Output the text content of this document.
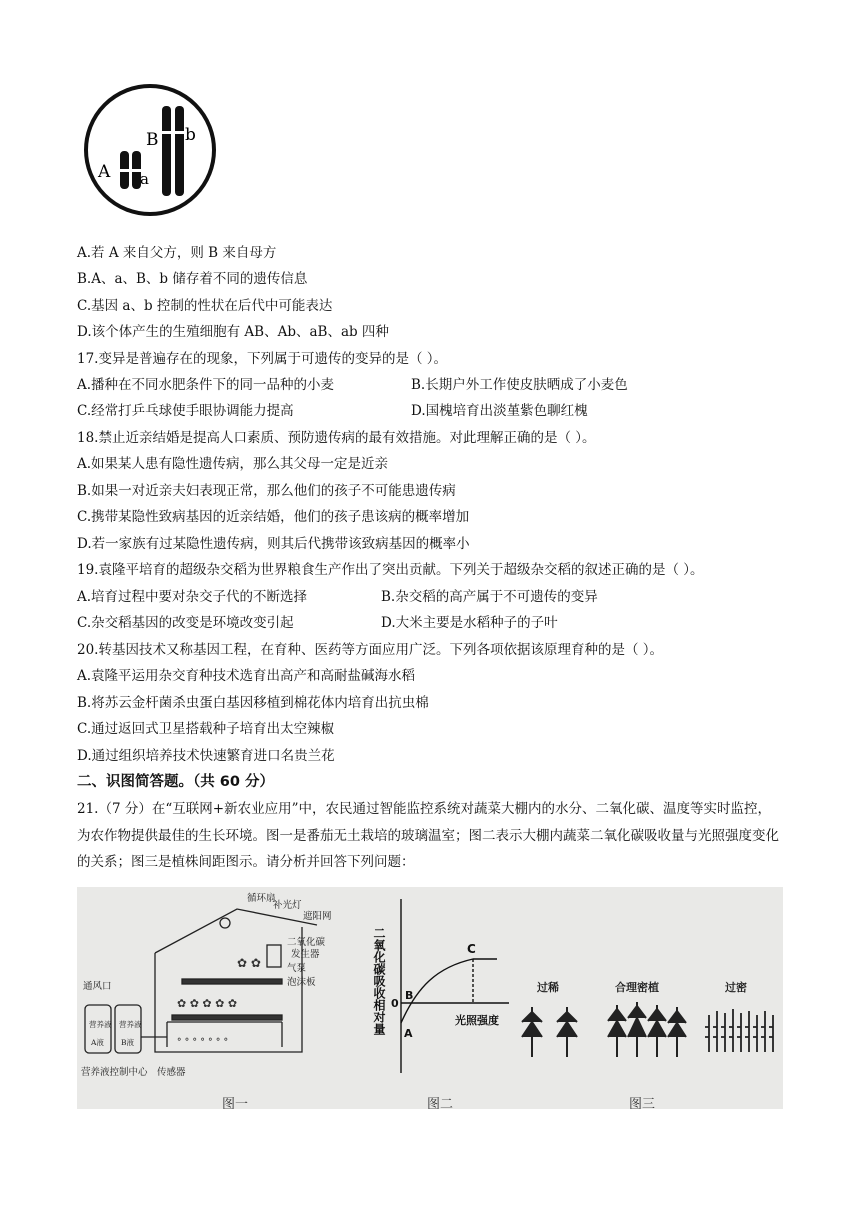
A a
B b
A.若 A 来自父方，则 B 来自母方
B.A、a、B、b 储存着不同的遗传信息
C.基因 a、b 控制的性状在后代中可能表达
D.该个体产生的生殖细胞有 AB、Ab、aB、ab 四种
17.变异是普遍存在的现象，下列属于可遗传的变异的是（ ）。
A.播种在不同水肥条件下的同一品种的小麦	B.长期户外工作使皮肤晒成了小麦色
C.经常打乒乓球使手眼协调能力提高	D.国槐培育出淡堇紫色聊红槐
18.禁止近亲结婚是提高人口素质、预防遗传病的最有效措施。对此理解正确的是（ ）。
A.如果某人患有隐性遗传病，那么其父母一定是近亲
B.如果一对近亲夫妇表现正常，那么他们的孩子不可能患遗传病
C.携带某隐性致病基因的近亲结婚，他们的孩子患该病的概率增加
D.若一家族有过某隐性遗传病，则其后代携带该致病基因的概率小
19.袁隆平培育的超级杂交稻为世界粮食生产作出了突出贡献。下列关于超级杂交稻的叙述正确的是（ ）。
A.培育过程中要对杂交子代的不断选择	B.杂交稻的高产属于不可遗传的变异
C.杂交稻基因的改变是环境改变引起	D.大米主要是水稻种子的子叶
20.转基因技术又称基因工程，在育种、医药等方面应用广泛。下列各项依据该原理育种的是（ ）。
A.袁隆平运用杂交育种技术选育出高产和高耐盐碱海水稻
B.将苏云金杆菌杀虫蛋白基因移植到棉花体内培育出抗虫棉
C.通过返回式卫星搭载种子培育出太空辣椒
D.通过组织培养技术快速繁育进口名贵兰花
二、识图简答题。（共 60 分）
21.（7 分）在“互联网+新农业应用”中，农民通过智能监控系统对蔬菜大棚内的水分、二氧化碳、温度等实时监控，为农作物提供最佳的生长环境。图一是番茄无土栽培的玻璃温室；图二表示大棚内蔬菜二氧化碳吸收量与光照强度变化的关系；图三是植株间距图示。请分析并回答下列问题：
✿ ✿
✿ ✿ ✿ ✿ ✿
ᐤ ᐤ ᐤ ᐤ ᐤ ᐤ ᐤ
循环扇
补光灯
遮阳网
二氧化碳
发生器
气泵
泡沫板
通风口
营养液
A液
营养液
B液
营养液控制中心 传感器
二氧化碳吸收相对量	光照强度
C
B
0
A
过稀	合理密植	过密
图一	图二	图三
